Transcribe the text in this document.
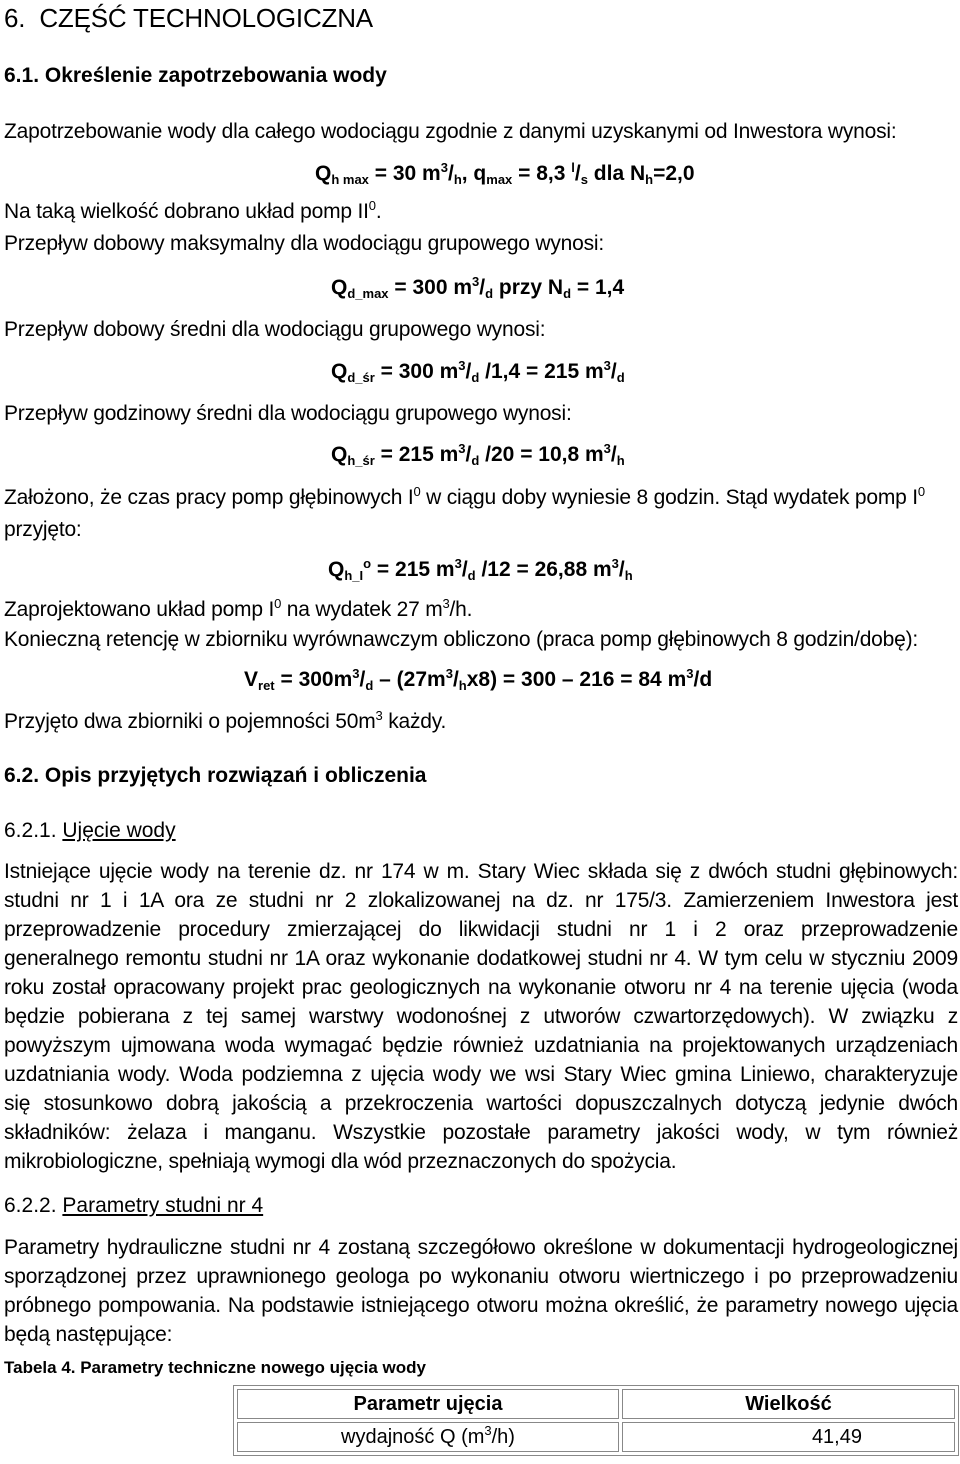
6. CZĘŚĆ TECHNOLOGICZNA
6.1. Określenie zapotrzebowania wody
Zapotrzebowanie wody dla całego wodociągu zgodnie z danymi uzyskanymi od Inwestora wynosi:
$Q_{h max} = 30$ $m^3/_h$, $q_{max} = 8,3$ $^l/_s$ dla $N_h=2,0$
Na taką wielkość dobrano układ pomp $II^0$.
Przepływ dobowy maksymalny dla wodociągu grupowego wynosi:
$Q_{d\_max} = 300$ $m^3/_d$ przy $N_d = 1,4$
Przepływ dobowy średni dla wodociągu grupowego wynosi:
$Q_{d\_śr} = 300$ $m^3/_d$ /1,4 = 215 $m^3/_d$
Przepływ godzinowy średni dla wodociągu grupowego wynosi:
$Q_{h\_śr} = 215$ $m^3/_d$ /20 = 10,8 $m^3/_h$
Założono, że czas pracy pomp głębinowych $I^0$ w ciągu doby wyniesie 8 godzin. Stąd wydatek pomp $I^0$
przyjęto:
$Q_{h\_I}^o = 215$ $m^3/_d$ /12 = 26,88 $m^3/_h$
Zaprojektowano układ pomp $I^0$ na wydatek 27 $m^3/h$.
Konieczną retencję w zbiorniku wyrównawczym obliczono (praca pomp głębinowych 8 godzin/dobę):
$V_{ret} = 300m^3/_d - (27m^3/_hx8) = 300 - 216 = 84$ $m^3/d$
Przyjęto dwa zbiorniki o pojemności $50m^3$ każdy.
6.2. Opis przyjętych rozwiązań i obliczenia
6.2.1. Ujęcie wody
Istniejące ujęcie wody na terenie dz. nr 174 w m. Stary Wiec składa się z dwóch studni głębinowych:
studni nr 1 i 1A ora ze studni nr 2 zlokalizowanej na dz. nr 175/3. Zamierzeniem Inwestora jest
przeprowadzenie procedury zmierzającej do likwidacji studni nr 1 i 2 oraz przeprowadzenie
generalnego remontu studni nr 1A oraz wykonanie dodatkowej studni nr 4. W tym celu w styczniu 2009
roku został opracowany projekt prac geologicznych na wykonanie otworu nr 4 na terenie ujęcia (woda
będzie pobierana z tej samej warstwy wodonośnej z utworów czwartorzędowych). W związku z
powyższym ujmowana woda wymagać będzie również uzdatniania na projektowanych urządzeniach
uzdatniania wody. Woda podziemna z ujęcia wody we wsi Stary Wiec gmina Liniewo, charakteryzuje
się stosunkowo dobrą jakością a przekroczenia wartości dopuszczalnych dotyczą jedynie dwóch
składników: żelaza i manganu. Wszystkie pozostałe parametry jakości wody, w tym również
mikrobiologiczne, spełniają wymogi dla wód przeznaczonych do spożycia.
6.2.2. Parametry studni nr 4
Parametry hydrauliczne studni nr 4 zostaną szczegółowo określone w dokumentacji hydrogeologicznej
sporządzonej przez uprawnionego geologa po wykonaniu otworu wiertniczego i po przeprowadzeniu
próbnego pompowania. Na podstawie istniejącego otworu można określić, że parametry nowego ujęcia
będą następujące:
Tabela 4. Parametry techniczne nowego ujęcia wody
Parametr ujęcia	Wielkość
wydajność Q $(m^3/h)$	41,49
